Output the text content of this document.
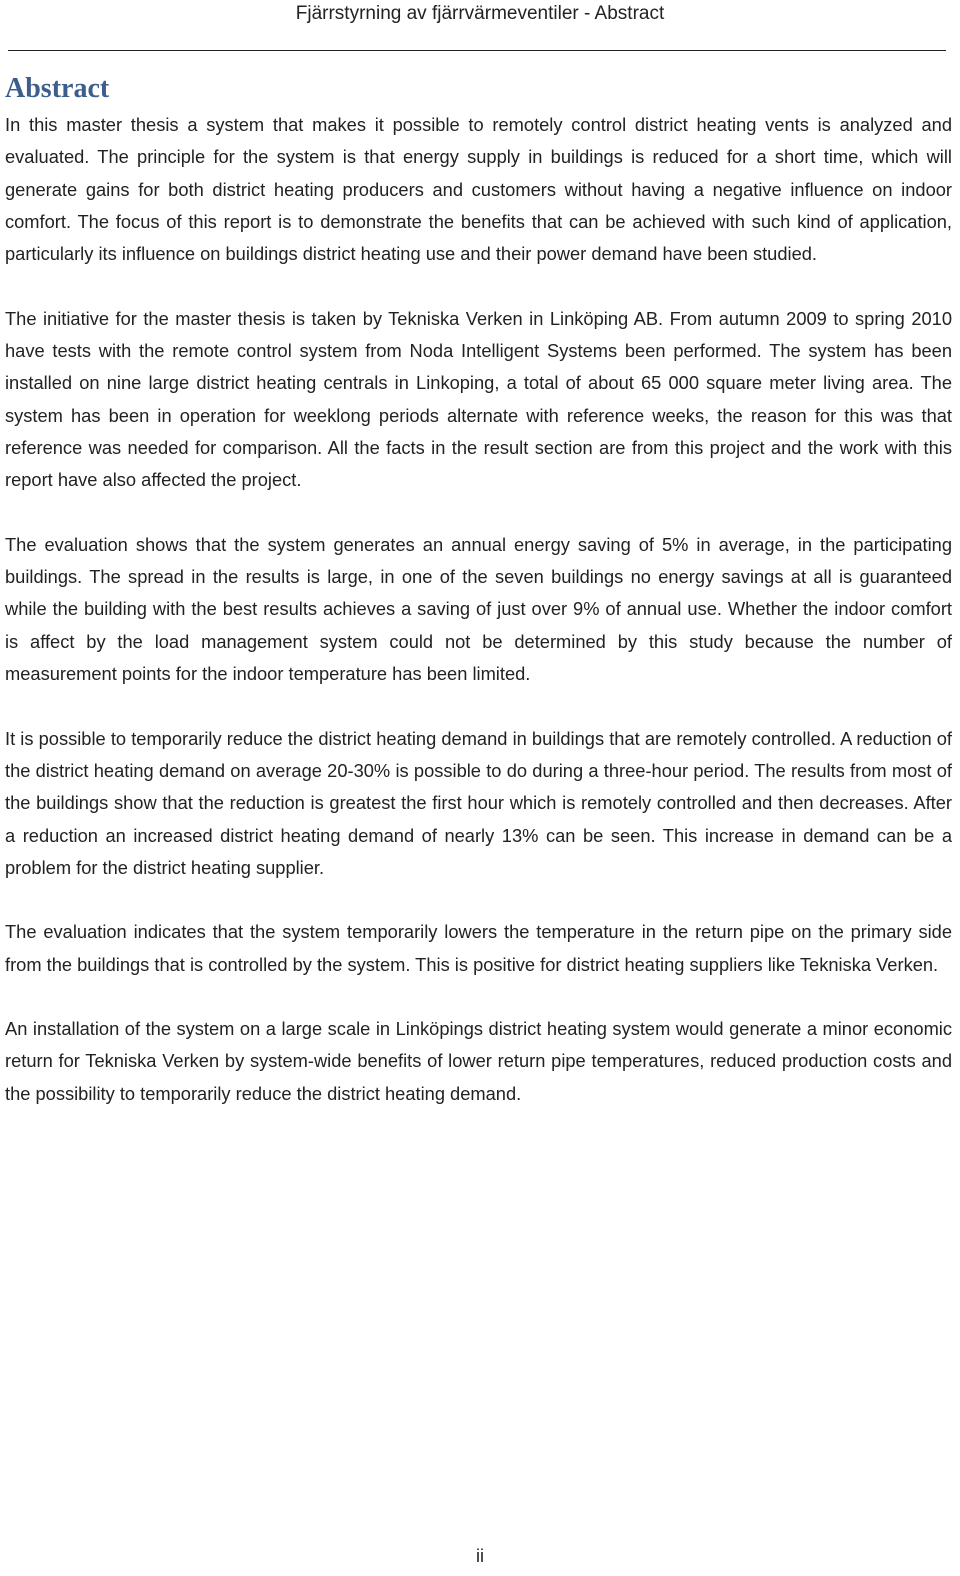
Fjärrstyrning av fjärrvärmeventiler - Abstract
Abstract

In this master thesis a system that makes it possible to remotely control district heating vents is analyzed and evaluated. The principle for the system is that energy supply in buildings is reduced for a short time, which will generate gains for both district heating producers and customers without having a negative influence on indoor comfort. The focus of this report is to demonstrate the benefits that can be achieved with such kind of application, particularly its influence on buildings district heating use and their power demand have been studied.

The initiative for the master thesis is taken by Tekniska Verken in Linköping AB. From autumn 2009 to spring 2010 have tests with the remote control system from Noda Intelligent Systems been performed. The system has been installed on nine large district heating centrals in Linkoping, a total of about 65 000 square meter living area. The system has been in operation for weeklong periods alternate with reference weeks, the reason for this was that reference was needed for comparison. All the facts in the result section are from this project and the work with this report have also affected the project.

The evaluation shows that the system generates an annual energy saving of 5% in average, in the participating buildings. The spread in the results is large, in one of the seven buildings no energy savings at all is guaranteed while the building with the best results achieves a saving of just over 9% of annual use. Whether the indoor comfort is affect by the load management system could not be determined by this study because the number of measurement points for the indoor temperature has been limited.

It is possible to temporarily reduce the district heating demand in buildings that are remotely controlled. A reduction of the district heating demand on average 20-30% is possible to do during a three-hour period. The results from most of the buildings show that the reduction is greatest the first hour which is remotely controlled and then decreases. After a reduction an increased district heating demand of nearly 13% can be seen. This increase in demand can be a problem for the district heating supplier.

The evaluation indicates that the system temporarily lowers the temperature in the return pipe on the primary side from the buildings that is controlled by the system. This is positive for district heating suppliers like Tekniska Verken.

An installation of the system on a large scale in Linköpings district heating system would generate a minor economic return for Tekniska Verken by system-wide benefits of lower return pipe temperatures, reduced production costs and the possibility to temporarily reduce the district heating demand.

ii
